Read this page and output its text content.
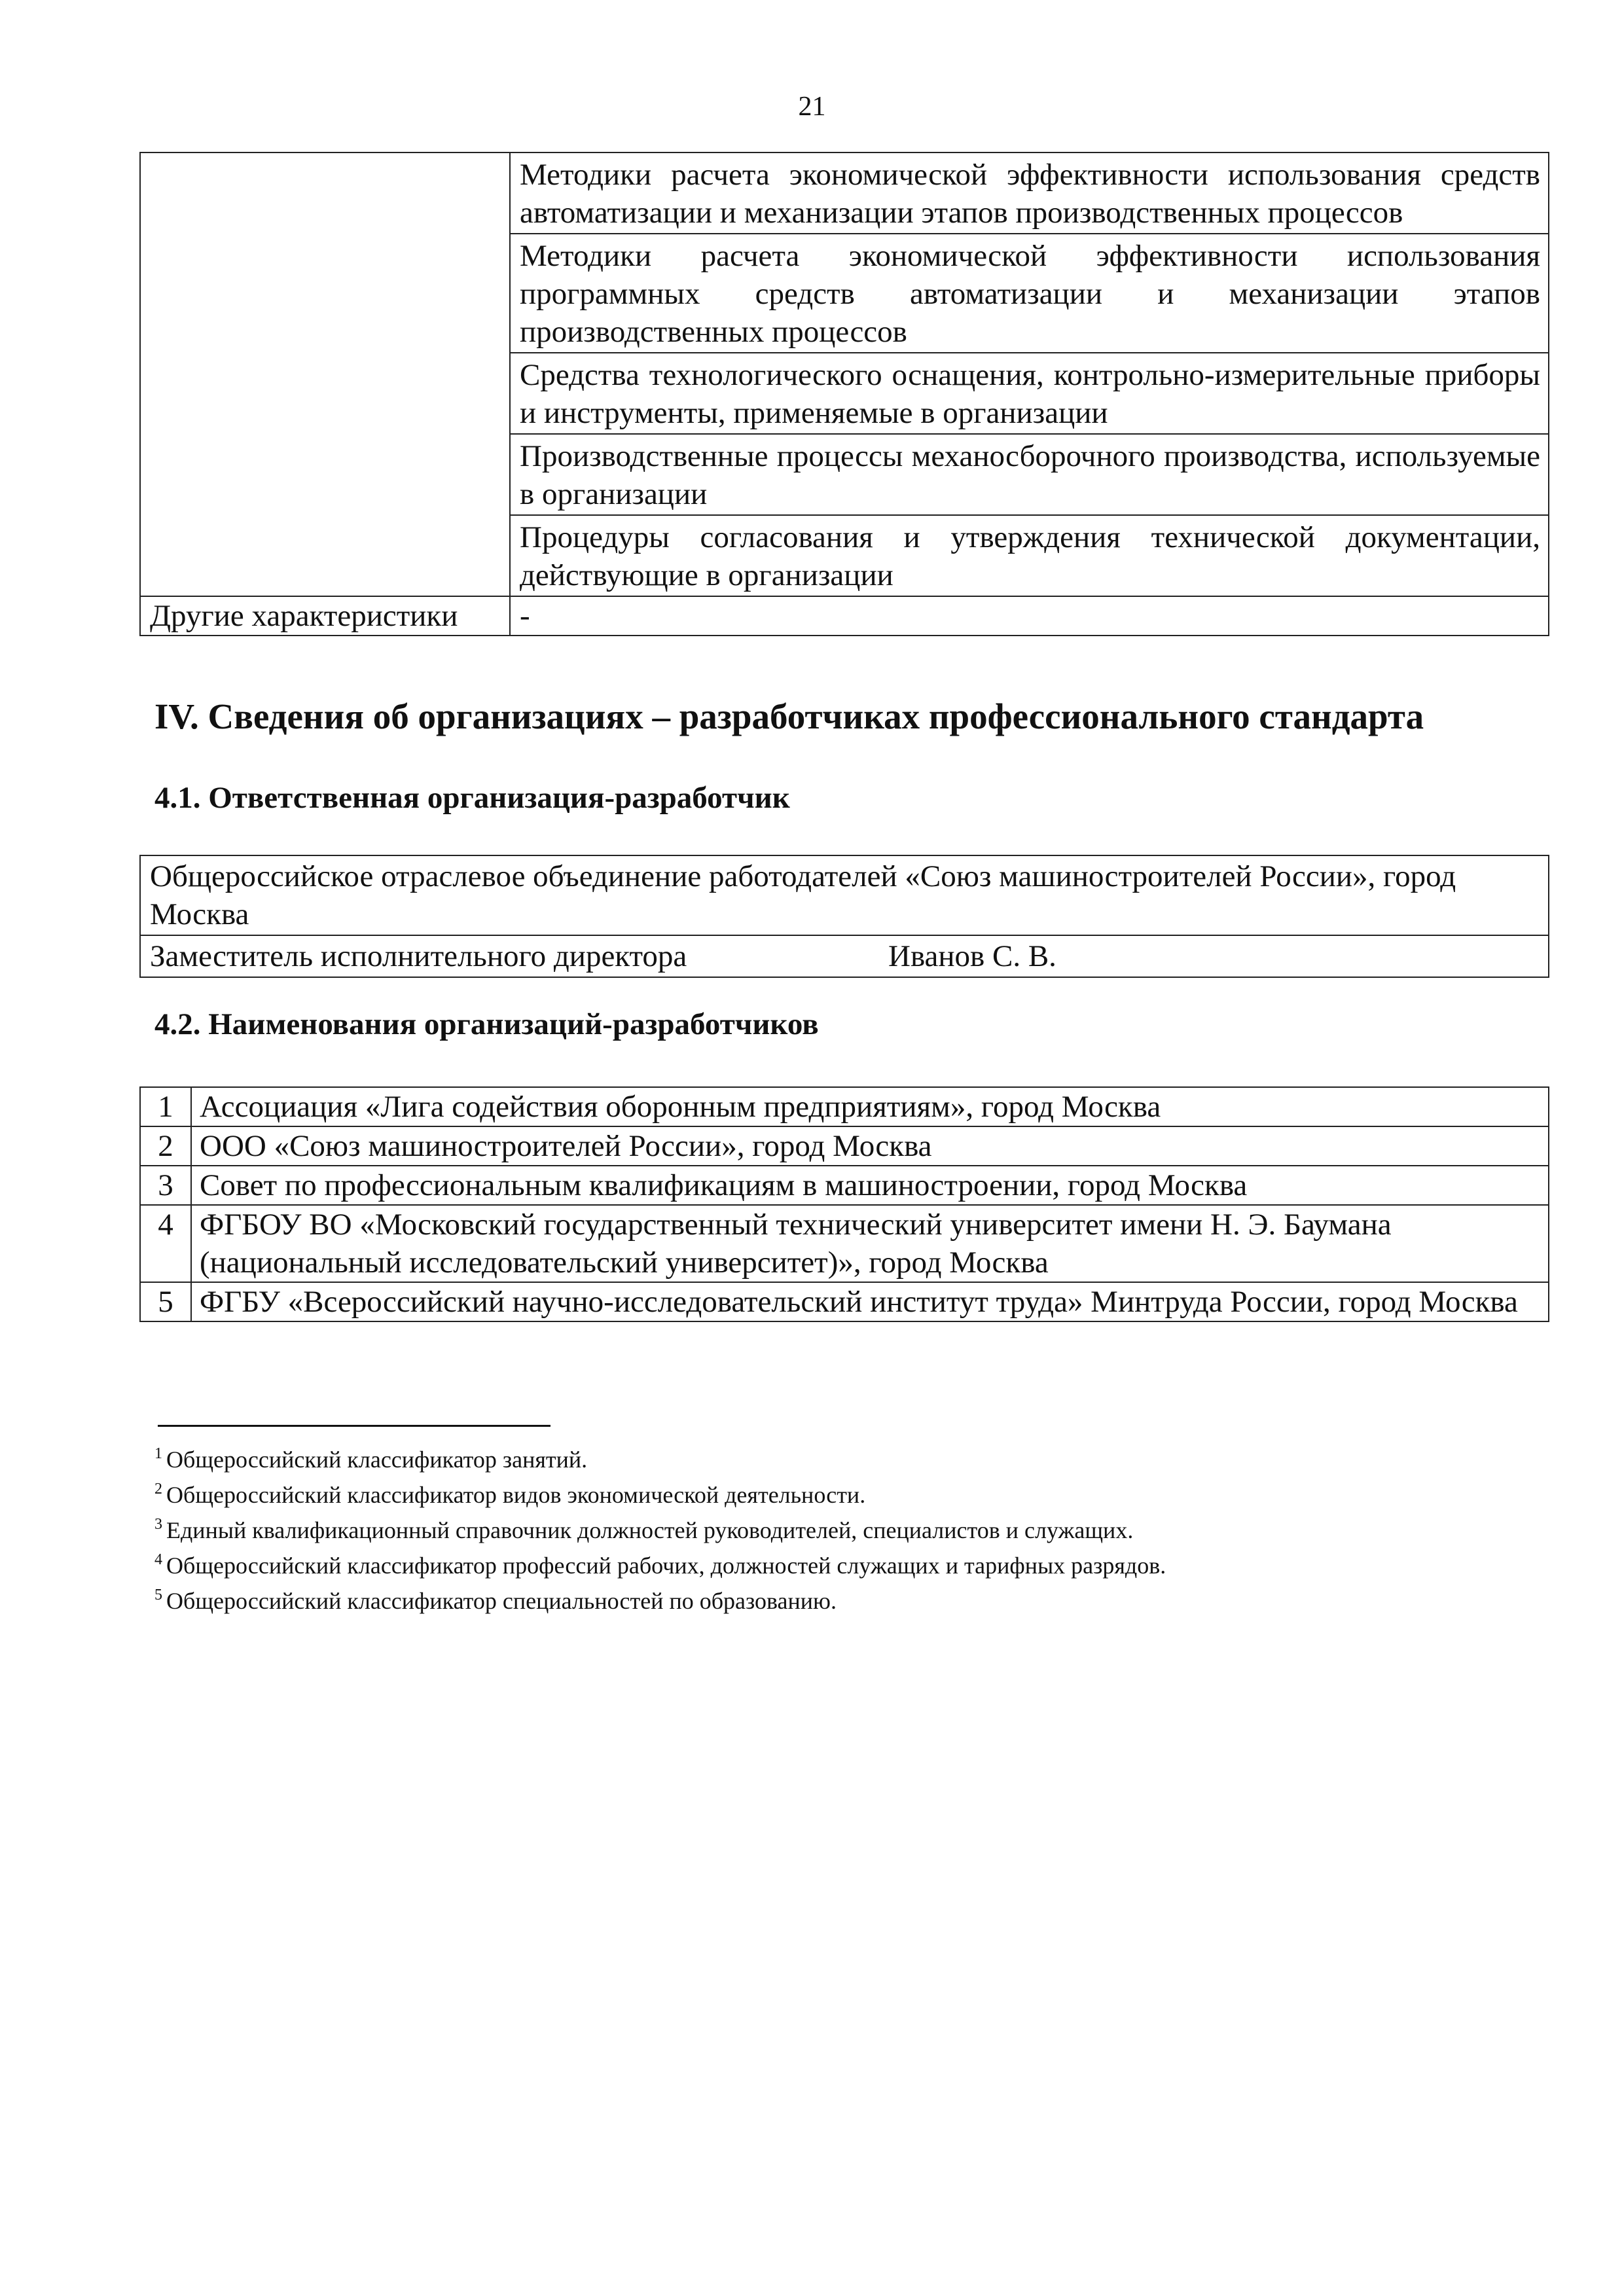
21
	Методики расчета экономической эффективности использования средств автоматизации и механизации этапов производственных процессов
	Методики расчета экономической эффективности использования программных средств автоматизации и механизации этапов производственных процессов
	Средства технологического оснащения, контрольно-измерительные приборы и инструменты, применяемые в организации
	Производственные процессы механосборочного производства, используемые в организации
	Процедуры согласования и утверждения технической документации, действующие в организации
Другие характеристики	-
IV. Сведения об организациях – разработчиках профессионального стандарта
4.1. Ответственная организация-разработчик
Общероссийское отраслевое объединение работодателей «Союз машиностроителей России», город Москва

Заместитель исполнительного директора	Иванов С. В.
4.2. Наименования организаций-разработчиков
1	Ассоциация «Лига содействия оборонным предприятиям», город Москва
2	ООО «Союз машиностроителей России», город Москва
3	Совет по профессиональным квалификациям в машиностроении, город Москва
4	ФГБОУ ВО «Московский государственный технический университет имени Н. Э. Баумана (национальный исследовательский университет)», город Москва
5	ФГБУ «Всероссийский научно-исследовательский институт труда» Минтруда России, город Москва
$^1$ Общероссийский классификатор занятий.
$^2$ Общероссийский классификатор видов экономической деятельности.
$^3$ Единый квалификационный справочник должностей руководителей, специалистов и служащих.
$^4$ Общероссийский классификатор профессий рабочих, должностей служащих и тарифных разрядов.
$^5$ Общероссийский классификатор специальностей по образованию.
